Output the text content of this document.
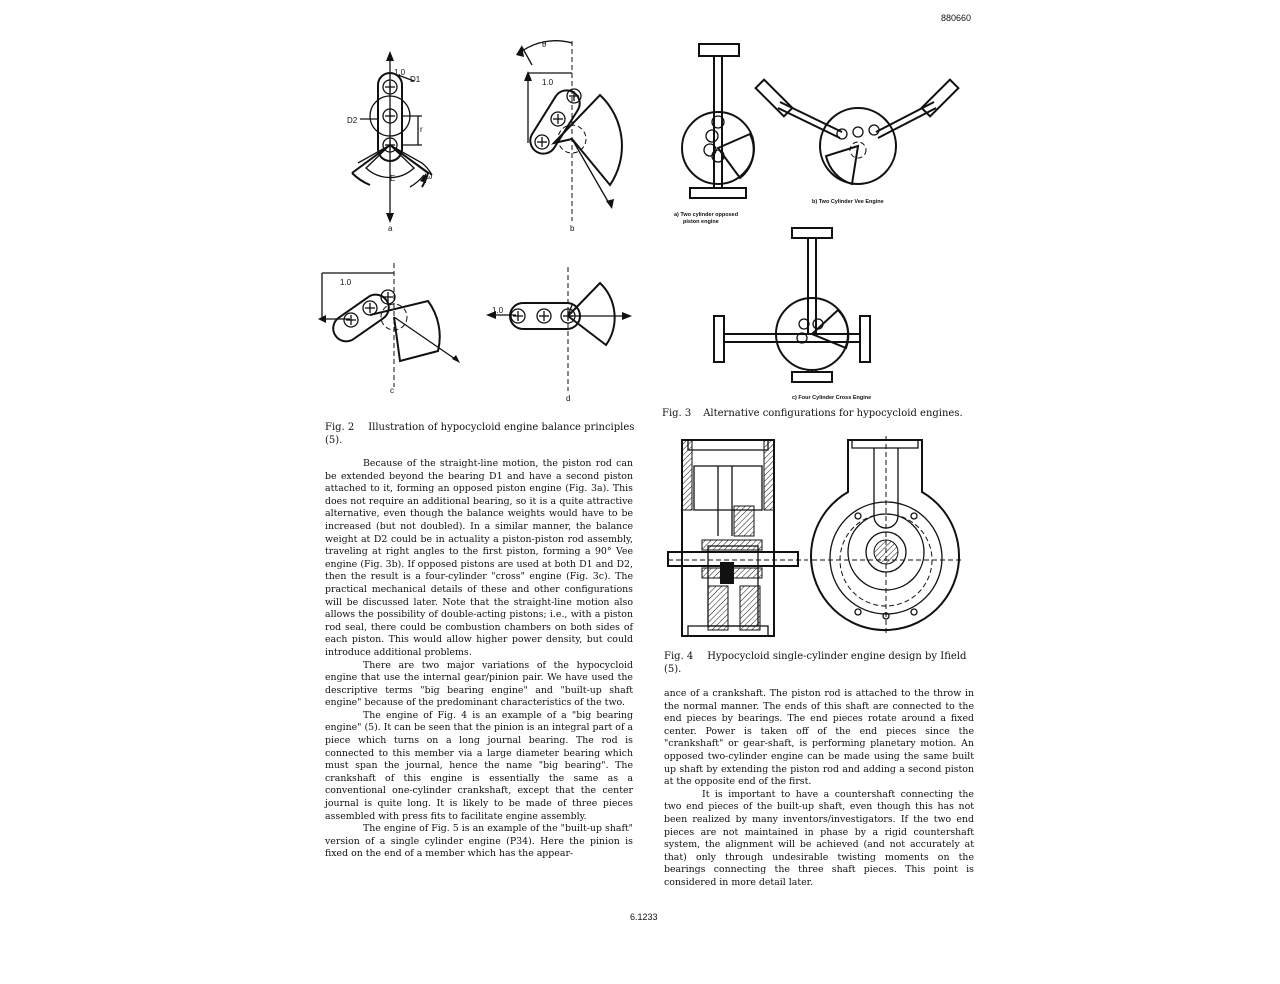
880660
6.1233
1.0
D1
D2
r
E	ω
a
θ
1.0
b
1.0
c
1.0
d
Fig. 2 Illustration of hypocycloid engine balance principles (5).
a) Two cylinder opposed
piston engine
b) Two Cylinder Vee Engine
c) Four Cylinder Cross Engine
Fig. 3 Alternative configurations for hypocycloid engines.
Fig. 4 Hypocycloid single-cylinder engine design by Ifield (5).

Because of the straight-line motion, the piston rod can be extended beyond the bearing D1 and have a second piston attached to it, forming an opposed piston engine (Fig. 3a). This does not require an additional bearing, so it is a quite attractive alternative, even though the balance weights would have to be increased (but not doubled). In a similar manner, the balance weight at D2 could be in actuality a piston-piston rod assembly, traveling at right angles to the first piston, forming a 90° Vee engine (Fig. 3b). If opposed pistons are used at both D1 and D2, then the result is a four-cylinder "cross" engine (Fig. 3c). The practical mechanical details of these and other configurations will be discussed later. Note that the straight-line motion also allows the possibility of double-acting pistons; i.e., with a piston rod seal, there could be combustion chambers on both sides of each piston. This would allow higher power density, but could introduce additional problems.

There are two major variations of the hypocycloid engine that use the internal gear/pinion pair. We have used the descriptive terms "big bearing engine" and "built-up shaft engine" because of the predominant characteristics of the two.

The engine of Fig. 4 is an example of a "big bearing engine" (5). It can be seen that the pinion is an integral part of a piece which turns on a long journal bearing. The rod is connected to this member via a large diameter bearing which must span the journal, hence the name "big bearing". The crankshaft of this engine is essentially the same as a conventional one-cylinder crankshaft, except that the center journal is quite long. It is likely to be made of three pieces assembled with press fits to facilitate engine assembly.

The engine of Fig. 5 is an example of the "built-up shaft" version of a single cylinder engine (P34). Here the pinion is fixed on the end of a member which has the appear-

ance of a crankshaft. The piston rod is attached to the throw in the normal manner. The ends of this shaft are connected to the end pieces by bearings. The end pieces rotate around a fixed center. Power is taken off of the end pieces since the "crankshaft" or gear-shaft, is performing planetary motion. An opposed two-cylinder engine can be made using the same built up shaft by extending the piston rod and adding a second piston at the opposite end of the first.

It is important to have a countershaft connecting the two end pieces of the built-up shaft, even though this has not been realized by many inventors/investigators. If the two end pieces are not maintained in phase by a rigid countershaft system, the alignment will be achieved (and not accurately at that) only through undesirable twisting moments on the bearings connecting the three shaft pieces. This point is considered in more detail later.
